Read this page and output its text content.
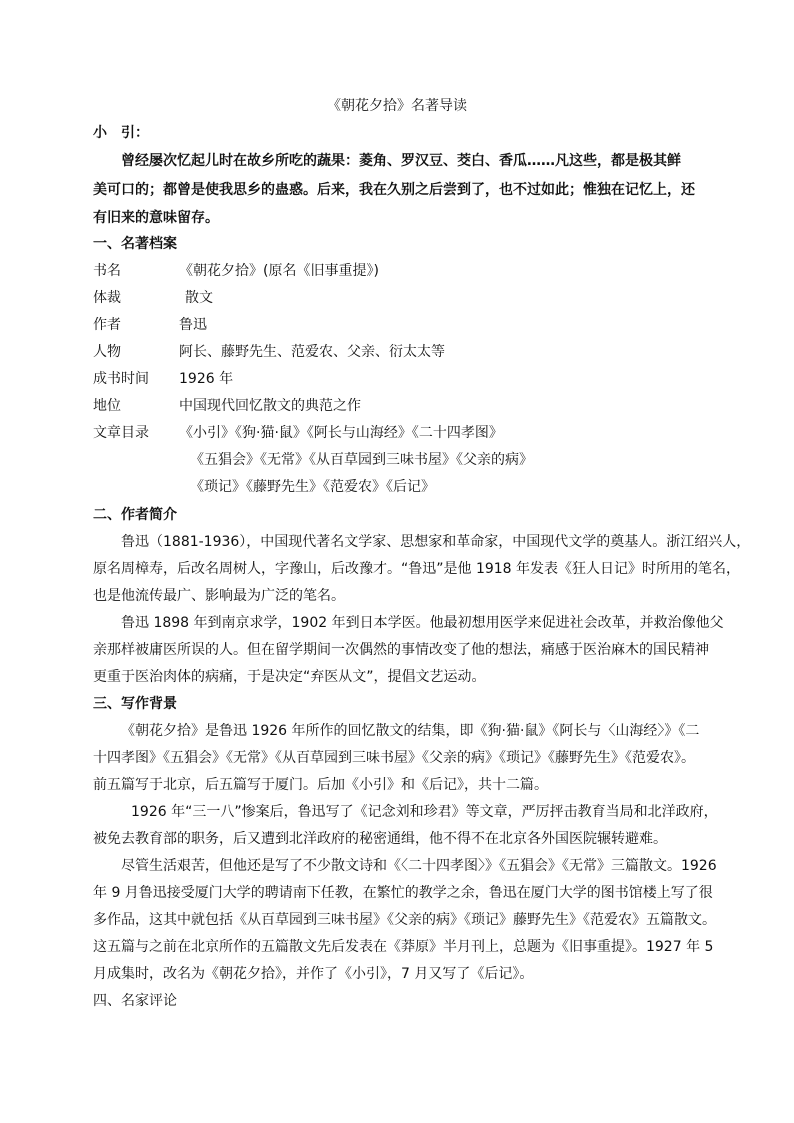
《朝花夕拾》名著导读
小　引：
曾经屡次忆起儿时在故乡所吃的蔬果：菱角、罗汉豆、茭白、香瓜……凡这些，都是极其鲜
美可口的；都曾是使我思乡的蛊惑。后来，我在久别之后尝到了，也不过如此；惟独在记忆上，还
有旧来的意味留存。
一、名著档案
书名	《朝花夕拾》(原名《旧事重提》)
体裁	散文
作者	鲁迅
人物	阿长、藤野先生、范爱农、父亲、衍太太等
成书时间 1926 年
地位	中国现代回忆散文的典范之作
文章目录 《小引》《狗·猫·鼠》《阿长与山海经》《二十四孝图》
《五猖会》《无常》《从百草园到三味书屋》《父亲的病》
《琐记》《藤野先生》《范爱农》《后记》
二、作者简介
鲁迅（1881-1936），中国现代著名文学家、思想家和革命家，中国现代文学的奠基人。浙江绍兴人，
原名周樟寿，后改名周树人，字豫山，后改豫才。“鲁迅”是他 1918 年发表《狂人日记》时所用的笔名，
也是他流传最广、影响最为广泛的笔名。
鲁迅 1898 年到南京求学，1902 年到日本学医。他最初想用医学来促进社会改革，并救治像他父
亲那样被庸医所误的人。但在留学期间一次偶然的事情改变了他的想法，痛感于医治麻木的国民精神
更重于医治肉体的病痛，于是决定“弃医从文”，提倡文艺运动。
三、写作背景
《朝花夕拾》是鲁迅 1926 年所作的回忆散文的结集，即《狗·猫·鼠》《阿长与〈山海经〉》《二
十四孝图》《五猖会》《无常》《从百草园到三味书屋》《父亲的病》《琐记》《藤野先生》《范爱农》。
前五篇写于北京，后五篇写于厦门。后加《小引》和《后记》，共十二篇。
1926 年“三一八”惨案后，鲁迅写了《记念刘和珍君》等文章，严厉抨击教育当局和北洋政府，
被免去教育部的职务，后又遭到北洋政府的秘密通缉，他不得不在北京各外国医院辗转避难。
尽管生活艰苦，但他还是写了不少散文诗和《〈二十四孝图〉》《五猖会》《无常》三篇散文。1926
年 9 月鲁迅接受厦门大学的聘请南下任教，在繁忙的教学之余，鲁迅在厦门大学的图书馆楼上写了很
多作品，这其中就包括《从百草园到三味书屋》《父亲的病》《琐记》藤野先生》《范爱农》五篇散文。
这五篇与之前在北京所作的五篇散文先后发表在《莽原》半月刊上，总题为《旧事重提》。1927 年 5
月成集时，改名为《朝花夕拾》，并作了《小引》，7 月又写了《后记》。
四、名家评论
